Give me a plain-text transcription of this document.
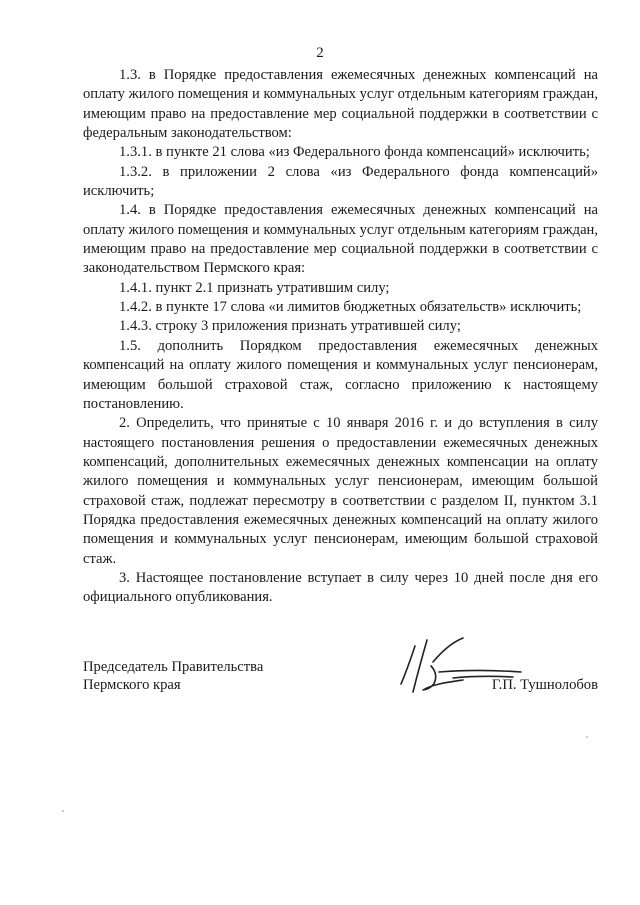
2

1.3. в Порядке предоставления ежемесячных денежных компенсаций на оплату жилого помещения и коммунальных услуг отдельным категориям граждан, имеющим право на предоставление мер социальной поддержки в соответствии с федеральным законодательством:

1.3.1. в пункте 21 слова «из Федерального фонда компенсаций» исключить;

1.3.2. в приложении 2 слова «из Федерального фонда компенсаций» исключить;

1.4. в Порядке предоставления ежемесячных денежных компенсаций на оплату жилого помещения и коммунальных услуг отдельным категориям граждан, имеющим право на предоставление мер социальной поддержки в соответствии с законодательством Пермского края:

1.4.1. пункт 2.1 признать утратившим силу;

1.4.2. в пункте 17 слова «и лимитов бюджетных обязательств» исключить;

1.4.3. строку 3 приложения признать утратившей силу;

1.5. дополнить Порядком предоставления ежемесячных денежных компенсаций на оплату жилого помещения и коммунальных услуг пенсионерам, имеющим большой страховой стаж, согласно приложению к настоящему постановлению.

2. Определить, что принятые с 10 января 2016 г. и до вступления в силу настоящего постановления решения о предоставлении ежемесячных денежных компенсаций, дополнительных ежемесячных денежных компенсации на оплату жилого помещения и коммунальных услуг пенсионерам, имеющим большой страховой стаж, подлежат пересмотру в соответствии с разделом II, пунктом 3.1 Порядка предоставления ежемесячных денежных компенсаций на оплату жилого помещения и коммунальных услуг пенсионерам, имеющим большой страховой стаж.

3. Настоящее постановление вступает в силу через 10 дней после дня его официального опубликования.

Председатель Правительства
Пермского края	Г.П. Тушнолобов
